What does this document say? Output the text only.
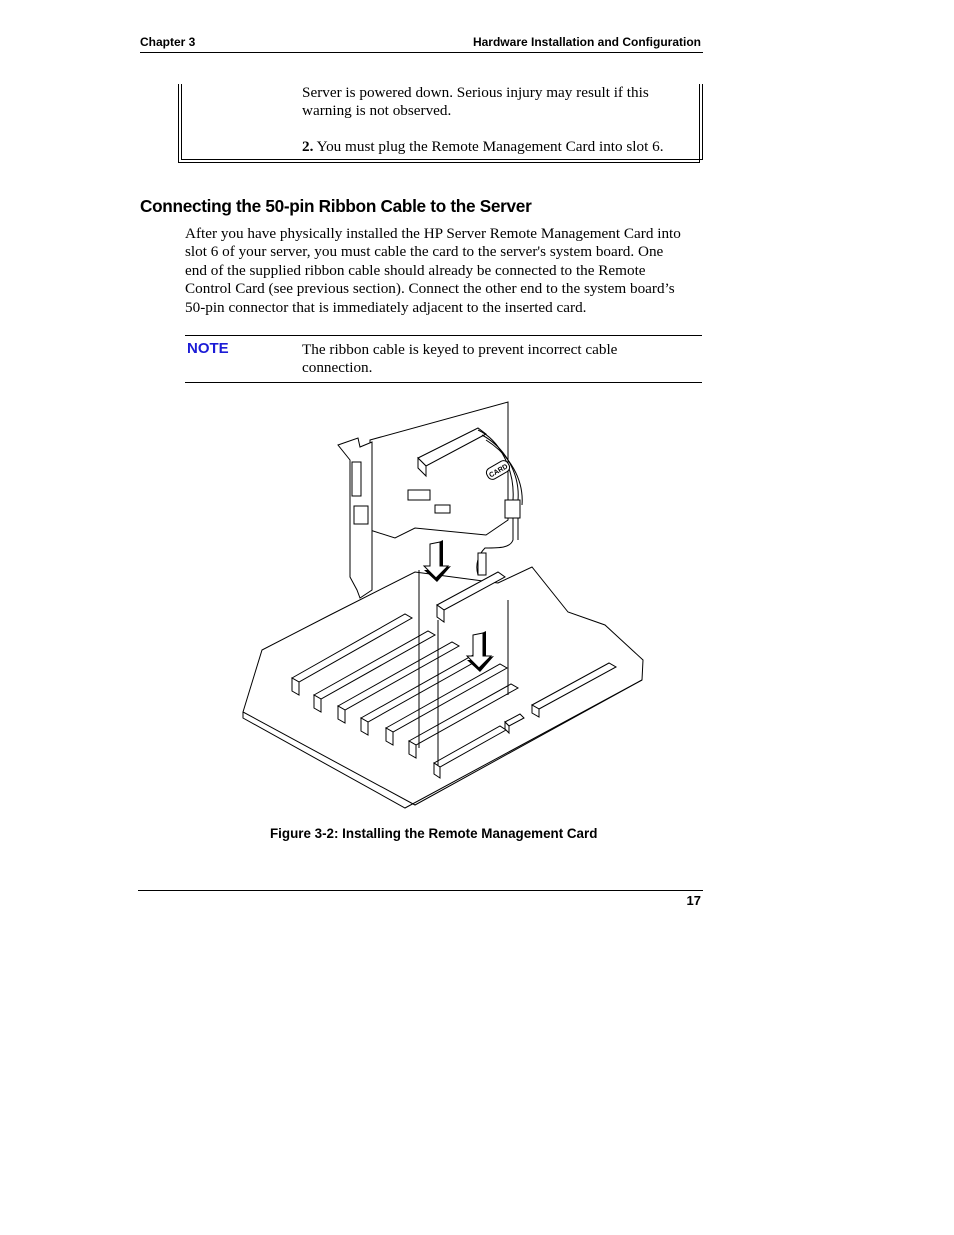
Chapter 3	Hardware Installation and Configuration
Server is powered down. Serious injury may result if this
warning is not observed.
2. You must plug the Remote Management Card into slot 6.
Connecting the 50-pin Ribbon Cable to the Server
After you have physically installed the HP Server Remote Management Card into
slot 6 of your server, you must cable the card to the server's system board. One
end of the supplied ribbon cable should already be connected to the Remote
Control Card (see previous section). Connect the other end to the system board’s
50-pin connector that is immediately adjacent to the inserted card.
NOTE	The ribbon cable is keyed to prevent incorrect cable
connection.
CARD
Figure 3-2: Installing the Remote Management Card
17
